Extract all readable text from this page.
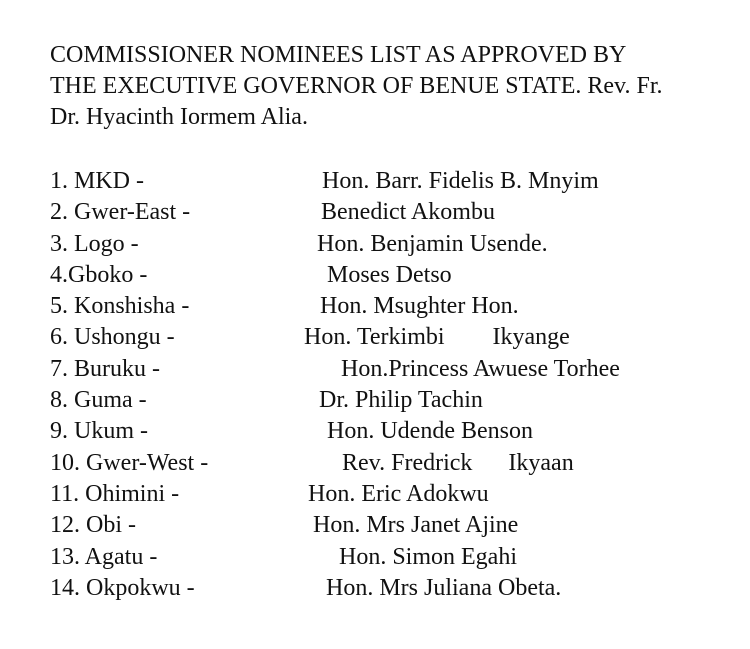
COMMISSIONER NOMINEES LIST AS APPROVED BY
THE EXECUTIVE GOVERNOR OF BENUE STATE. Rev. Fr.
Dr. Hyacinth Iormem Alia.
1. MKD -	Hon. Barr. Fidelis B. Mnyim
2. Gwer-East -	Benedict Akombu
3. Logo -	Hon. Benjamin Usende.
4.Gboko -	Moses Detso
5. Konshisha -	Hon. Msughter Hon.
6. Ushongu -	Hon. Terkimbi        Ikyange
7. Buruku -	Hon.Princess Awuese Torhee
8. Guma -	Dr. Philip Tachin
9. Ukum -	Hon. Udende Benson
10. Gwer-West -	Rev. Fredrick      Ikyaan
11. Ohimini -	Hon. Eric Adokwu
12. Obi -	Hon. Mrs Janet Ajine
13. Agatu -	Hon. Simon Egahi
14. Okpokwu -	Hon. Mrs Juliana Obeta.
